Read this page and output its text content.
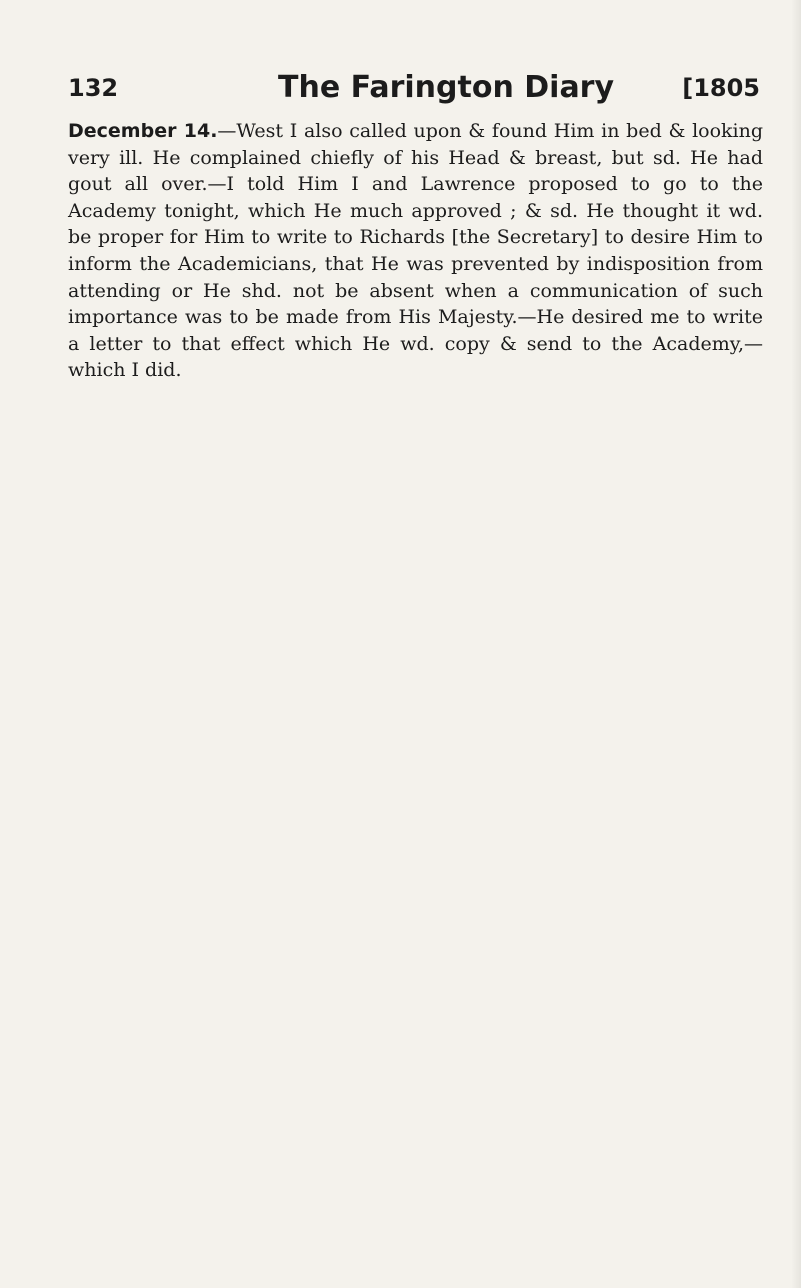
132	The Farington Diary	[1805

December 14.—West I also called upon & found Him in bed & looking very ill. He complained chiefly of his Head & breast, but sd. He had gout all over.—I told Him I and Lawrence proposed to go to the Academy tonight, which He much approved ; & sd. He thought it wd. be proper for Him to write to Richards [the Secretary] to desire Him to inform the Academicians, that He was prevented by indisposition from attending or He shd. not be absent when a communication of such importance was to be made from His Majesty.—He desired me to write a letter to that effect which He wd. copy & send to the Academy,—which I did.
